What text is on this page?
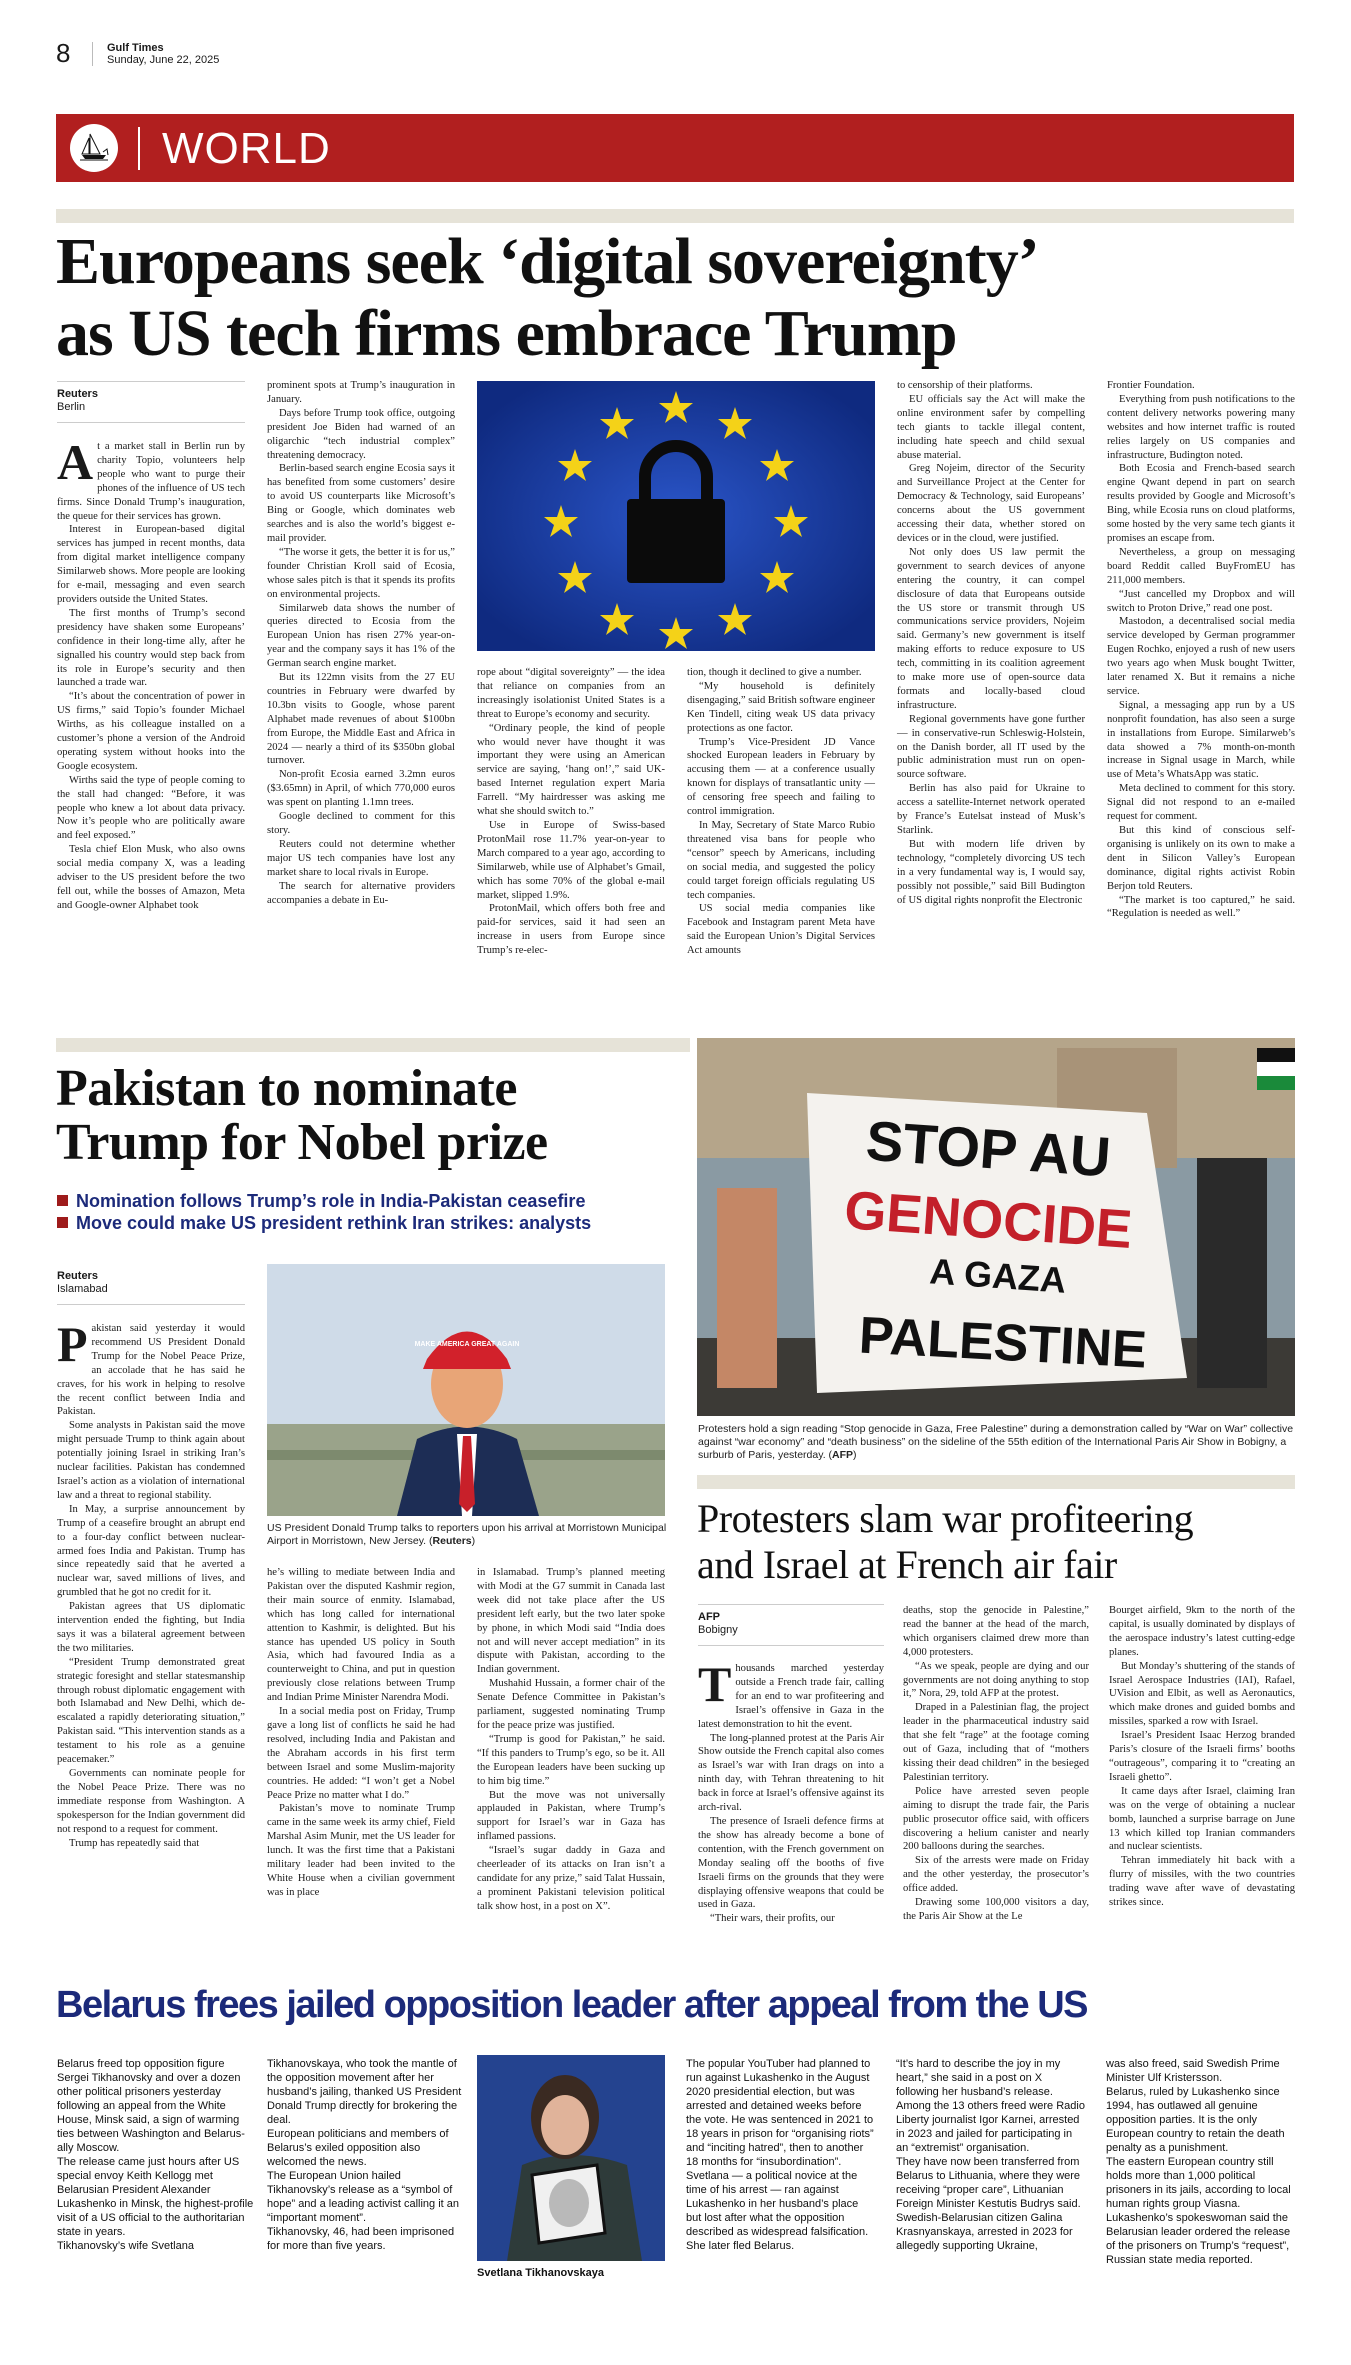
8	Gulf Times
Sunday, June 22, 2025
WORLD
Europeans seek ‘digital sovereignty’
as US tech firms embrace Trump
Reuters
Berlin

At a market stall in Berlin run by charity Topio, volunteers help people who want to purge their phones of the influence of US tech firms. Since Donald Trump’s inauguration, the queue for their services has grown.

Interest in European-based digital services has jumped in recent months, data from digital market intelligence company Similarweb shows. More people are looking for e-mail, messaging and even search providers outside the United States.

The first months of Trump’s second presidency have shaken some Europeans’ confidence in their long-time ally, after he signalled his country would step back from its role in Europe’s security and then launched a trade war.

“It’s about the concentration of power in US firms,” said Topio’s founder Michael Wirths, as his colleague installed on a customer’s phone a version of the Android operating system without hooks into the Google ecosystem.

Wirths said the type of people coming to the stall had changed: “Before, it was people who knew a lot about data privacy. Now it’s people who are politically aware and feel exposed.”

Tesla chief Elon Musk, who also owns social media company X, was a leading adviser to the US president before the two fell out, while the bosses of Amazon, Meta and Google-owner Alphabet took

prominent spots at Trump’s inauguration in January.

Days before Trump took office, outgoing president Joe Biden had warned of an oligarchic “tech industrial complex” threatening democracy.

Berlin-based search engine Ecosia says it has benefited from some customers’ desire to avoid US counterparts like Microsoft’s Bing or Google, which dominates web searches and is also the world’s biggest e-mail provider.

“The worse it gets, the better it is for us,” founder Christian Kroll said of Ecosia, whose sales pitch is that it spends its profits on environmental projects.

Similarweb data shows the number of queries directed to Ecosia from the European Union has risen 27% year-on-year and the company says it has 1% of the German search engine market.

But its 122mn visits from the 27 EU countries in February were dwarfed by 10.3bn visits to Google, whose parent Alphabet made revenues of about $100bn from Europe, the Middle East and Africa in 2024 — nearly a third of its $350bn global turnover.

Non-profit Ecosia earned 3.2mn euros ($3.65mn) in April, of which 770,000 euros was spent on planting 1.1mn trees.

Google declined to comment for this story.

Reuters could not determine whether major US tech companies have lost any market share to local rivals in Europe.

The search for alternative providers accompanies a debate in Eu-

rope about “digital sovereignty” — the idea that reliance on companies from an increasingly isolationist United States is a threat to Europe’s economy and security.

“Ordinary people, the kind of people who would never have thought it was important they were using an American service are saying, ‘hang on!’,” said UK-based Internet regulation expert Maria Farrell. “My hairdresser was asking me what she should switch to.”

Use in Europe of Swiss-based ProtonMail rose 11.7% year-on-year to March compared to a year ago, according to Similarweb, while use of Alphabet’s Gmail, which has some 70% of the global e-mail market, slipped 1.9%.

ProtonMail, which offers both free and paid-for services, said it had seen an increase in users from Europe since Trump’s re-elec-

tion, though it declined to give a number.

“My household is definitely disengaging,” said British software engineer Ken Tindell, citing weak US data privacy protections as one factor.

Trump’s Vice-President JD Vance shocked European leaders in February by accusing them — at a conference usually known for displays of transatlantic unity — of censoring free speech and failing to control immigration.

In May, Secretary of State Marco Rubio threatened visa bans for people who “censor” speech by Americans, including on social media, and suggested the policy could target foreign officials regulating US tech companies.

US social media companies like Facebook and Instagram parent Meta have said the European Union’s Digital Services Act amounts

to censorship of their platforms.

EU officials say the Act will make the online environment safer by compelling tech giants to tackle illegal content, including hate speech and child sexual abuse material.

Greg Nojeim, director of the Security and Surveillance Project at the Center for Democracy & Technology, said Europeans’ concerns about the US government accessing their data, whether stored on devices or in the cloud, were justified.

Not only does US law permit the government to search devices of anyone entering the country, it can compel disclosure of data that Europeans outside the US store or transmit through US communications service providers, Nojeim said. Germany’s new government is itself making efforts to reduce exposure to US tech, committing in its coalition agreement to make more use of open-source data formats and locally-based cloud infrastructure.

Regional governments have gone further — in conservative-run Schleswig-Holstein, on the Danish border, all IT used by the public administration must run on open-source software.

Berlin has also paid for Ukraine to access a satellite-Internet network operated by France’s Eutelsat instead of Musk’s Starlink.

But with modern life driven by technology, “completely divorcing US tech in a very fundamental way is, I would say, possibly not possible,” said Bill Budington of US digital rights nonprofit the Electronic

Frontier Foundation.

Everything from push notifications to the content delivery networks powering many websites and how internet traffic is routed relies largely on US companies and infrastructure, Budington noted.

Both Ecosia and French-based search engine Qwant depend in part on search results provided by Google and Microsoft’s Bing, while Ecosia runs on cloud platforms, some hosted by the very same tech giants it promises an escape from.

Nevertheless, a group on messaging board Reddit called BuyFromEU has 211,000 members.

“Just cancelled my Dropbox and will switch to Proton Drive,” read one post.

Mastodon, a decentralised social media service developed by German programmer Eugen Rochko, enjoyed a rush of new users two years ago when Musk bought Twitter, later renamed X. But it remains a niche service.

Signal, a messaging app run by a US nonprofit foundation, has also seen a surge in installations from Europe. Similarweb’s data showed a 7% month-on-month increase in Signal usage in March, while use of Meta’s WhatsApp was static.

Meta declined to comment for this story. Signal did not respond to an e-mailed request for comment.

But this kind of conscious self-organising is unlikely on its own to make a dent in Silicon Valley’s European dominance, digital rights activist Robin Berjon told Reuters.

“The market is too captured,” he said. “Regulation is needed as well.”

Pakistan to nominate
Trump for Nobel prize
Nomination follows Trump’s role in India-Pakistan ceasefire
Move could make US president rethink Iran strikes: analysts
Reuters
Islamabad

Pakistan said yesterday it would recommend US President Donald Trump for the Nobel Peace Prize, an accolade that he has said he craves, for his work in helping to resolve the recent conflict between India and Pakistan.

Some analysts in Pakistan said the move might persuade Trump to think again about potentially joining Israel in striking Iran’s nuclear facilities. Pakistan has condemned Israel’s action as a violation of international law and a threat to regional stability.

In May, a surprise announcement by Trump of a ceasefire brought an abrupt end to a four-day conflict between nuclear-armed foes India and Pakistan. Trump has since repeatedly said that he averted a nuclear war, saved millions of lives, and grumbled that he got no credit for it.

Pakistan agrees that US diplomatic intervention ended the fighting, but India says it was a bilateral agreement between the two militaries.

“President Trump demonstrated great strategic foresight and stellar statesmanship through robust diplomatic engagement with both Islamabad and New Delhi, which de-escalated a rapidly deteriorating situation,” Pakistan said. “This intervention stands as a testament to his role as a genuine peacemaker.”

Governments can nominate people for the Nobel Peace Prize. There was no immediate response from Washington. A spokesperson for the Indian government did not respond to a request for comment.

Trump has repeatedly said that

MAKE AMERICA GREAT AGAIN
US President Donald Trump talks to reporters upon his arrival at Morristown Municipal Airport in Morristown, New Jersey. (Reuters)

he’s willing to mediate between India and Pakistan over the disputed Kashmir region, their main source of enmity. Islamabad, which has long called for international attention to Kashmir, is delighted. But his stance has upended US policy in South Asia, which had favoured India as a counterweight to China, and put in question previously close relations between Trump and Indian Prime Minister Narendra Modi.

In a social media post on Friday, Trump gave a long list of conflicts he said he had resolved, including India and Pakistan and the Abraham accords in his first term between Israel and some Muslim-majority countries. He added: “I won’t get a Nobel Peace Prize no matter what I do.”

Pakistan’s move to nominate Trump came in the same week its army chief, Field Marshal Asim Munir, met the US leader for lunch. It was the first time that a Pakistani military leader had been invited to the White House when a civilian government was in place

in Islamabad. Trump’s planned meeting with Modi at the G7 summit in Canada last week did not take place after the US president left early, but the two later spoke by phone, in which Modi said “India does not and will never accept mediation” in its dispute with Pakistan, according to the Indian government.

Mushahid Hussain, a former chair of the Senate Defence Committee in Pakistan’s parliament, suggested nominating Trump for the peace prize was justified.

“Trump is good for Pakistan,” he said. “If this panders to Trump’s ego, so be it. All the European leaders have been sucking up to him big time.”

But the move was not universally applauded in Pakistan, where Trump’s support for Israel’s war in Gaza has inflamed passions.

“Israel’s sugar daddy in Gaza and cheerleader of its attacks on Iran isn’t a candidate for any prize,” said Talat Hussain, a prominent Pakistani television political talk show host, in a post on X”.

STOP AU
GENOCIDE
A GAZA
PALESTINE
Protesters hold a sign reading “Stop genocide in Gaza, Free Palestine” during a demonstration called by “War on War” collective against “war economy” and “death business” on the sideline of the 55th edition of the International Paris Air Show in Bobigny, a surburb of Paris, yesterday. (AFP)
Protesters slam war profiteering
and Israel at French air fair
AFP
Bobigny

Thousands marched yesterday outside a French trade fair, calling for an end to war profiteering and Israel’s offensive in Gaza in the latest demonstration to hit the event.

The long-planned protest at the Paris Air Show outside the French capital also comes as Israel’s war with Iran drags on into a ninth day, with Tehran threatening to hit back in force at Israel’s offensive against its arch-rival.

The presence of Israeli defence firms at the show has already become a bone of contention, with the French government on Monday sealing off the booths of five Israeli firms on the grounds that they were displaying offensive weapons that could be used in Gaza.

“Their wars, their profits, our

deaths, stop the genocide in Palestine,” read the banner at the head of the march, which organisers claimed drew more than 4,000 protesters.

“As we speak, people are dying and our governments are not doing anything to stop it,” Nora, 29, told AFP at the protest.

Draped in a Palestinian flag, the project leader in the pharmaceutical industry said that she felt “rage” at the footage coming out of Gaza, including that of “mothers kissing their dead children” in the besieged Palestinian territory.

Police have arrested seven people aiming to disrupt the trade fair, the Paris public prosecutor office said, with officers discovering a helium canister and nearly 200 balloons during the searches.

Six of the arrests were made on Friday and the other yesterday, the prosecutor’s office added.

Drawing some 100,000 visitors a day, the Paris Air Show at the Le

Bourget airfield, 9km to the north of the capital, is usually dominated by displays of the aerospace industry’s latest cutting-edge planes.

But Monday’s shuttering of the stands of Israel Aerospace Industries (IAI), Rafael, UVision and Elbit, as well as Aeronautics, which make drones and guided bombs and missiles, sparked a row with Israel.

Israel’s President Isaac Herzog branded Paris’s closure of the Israeli firms’ booths “outrageous”, comparing it to “creating an Israeli ghetto”.

It came days after Israel, claiming Iran was on the verge of obtaining a nuclear bomb, launched a surprise barrage on June 13 which killed top Iranian commanders and nuclear scientists.

Tehran immediately hit back with a flurry of missiles, with the two countries trading wave after wave of devastating strikes since.

Belarus frees jailed opposition leader after appeal from the US
Belarus freed top opposition figure Sergei Tikhanovsky and over a dozen other political prisoners yesterday following an appeal from the White House, Minsk said, a sign of warming ties between Washington and Belarus-ally Moscow.
The release came just hours after US special envoy Keith Kellogg met Belarusian President Alexander Lukashenko in Minsk, the highest-profile visit of a US official to the authoritarian state in years.
Tikhanovsky’s wife Svetlana
Tikhanovskaya, who took the mantle of the opposition movement after her husband’s jailing, thanked US President Donald Trump directly for brokering the deal.
European politicians and members of Belarus’s exiled opposition also welcomed the news.
The European Union hailed Tikhanovsky’s release as a “symbol of hope” and a leading activist calling it an “important moment”.
Tikhanovsky, 46, had been imprisoned for more than five years.
Svetlana Tikhanovskaya
The popular YouTuber had planned to run against Lukashenko in the August 2020 presidential election, but was arrested and detained weeks before the vote. He was sentenced in 2021 to 18 years in prison for “organising riots” and “inciting hatred”, then to another 18 months for “insubordination”.
Svetlana — a political novice at the time of his arrest — ran against Lukashenko in her husband’s place but lost after what the opposition described as widespread falsification. She later fled Belarus.
“It’s hard to describe the joy in my heart,” she said in a post on X following her husband’s release.
Among the 13 others freed were Radio Liberty journalist Igor Karnei, arrested in 2023 and jailed for participating in an “extremist” organisation.
They have now been transferred from Belarus to Lithuania, where they were receiving “proper care”, Lithuanian Foreign Minister Kestutis Budrys said.
Swedish-Belarusian citizen Galina Krasnyanskaya, arrested in 2023 for allegedly supporting Ukraine,
was also freed, said Swedish Prime Minister Ulf Kristersson.
Belarus, ruled by Lukashenko since 1994, has outlawed all genuine opposition parties. It is the only European country to retain the death penalty as a punishment.
The eastern European country still holds more than 1,000 political prisoners in its jails, according to local human rights group Viasna.
Lukashenko’s spokeswoman said the Belarusian leader ordered the release of the prisoners on Trump’s “request”, Russian state media reported.
